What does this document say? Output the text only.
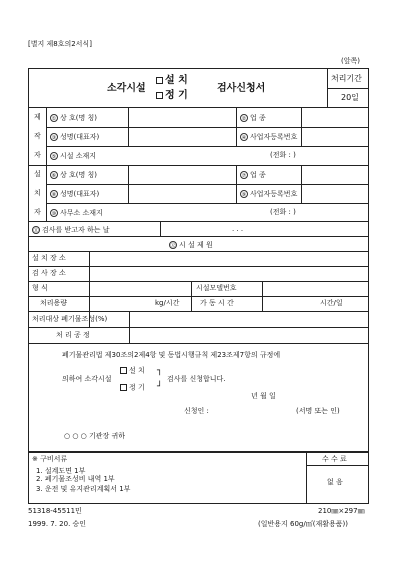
[별지 제8호의2서식]
(앞쪽)
소각시설
설 치
정 기
검사신청서
처리기간
20일
제
작
자
① 상 호(명 칭)	② 업 종
③ 성명(대표자)	④ 사업자등록번호
⑤ 시설 소재지	(전화 : )
설
치
자
⑥ 상 호(명 칭)	⑦ 업 종
⑧ 성명(대표자)	⑨ 사업자등록번호
⑩ 사무소 소재지	(전화 : )
⑪ 검사를 받고자 하는 날	. . .
⑫ 시 설 제 원
설 치 장 소
검 사 장 소
형 식	시설모델번호
처리용량	kg/시간	가 동 시 간	시간/일
처리대상 폐기물조성(%)
처 리 공 정
폐기물관리법 제30조의2제4항 및 동법시행규칙 제23조제7항의 규정에
의하여 소각시설
설 치
정 기
┐
┘
검사를 신청합니다.
년 월 일
신청인 :	(서명 또는 인)
○ ○ ○ 기관장 귀하
※ 구비서류
1. 설계도면 1부
2. 폐기물조성비 내역 1부
3. 운전 및 유지관리계획서 1부
수 수 료
없 음
51318-45511민
1999. 7. 20. 승인
210㎜×297㎜
(일반용지 60g/㎡(재활용품))
